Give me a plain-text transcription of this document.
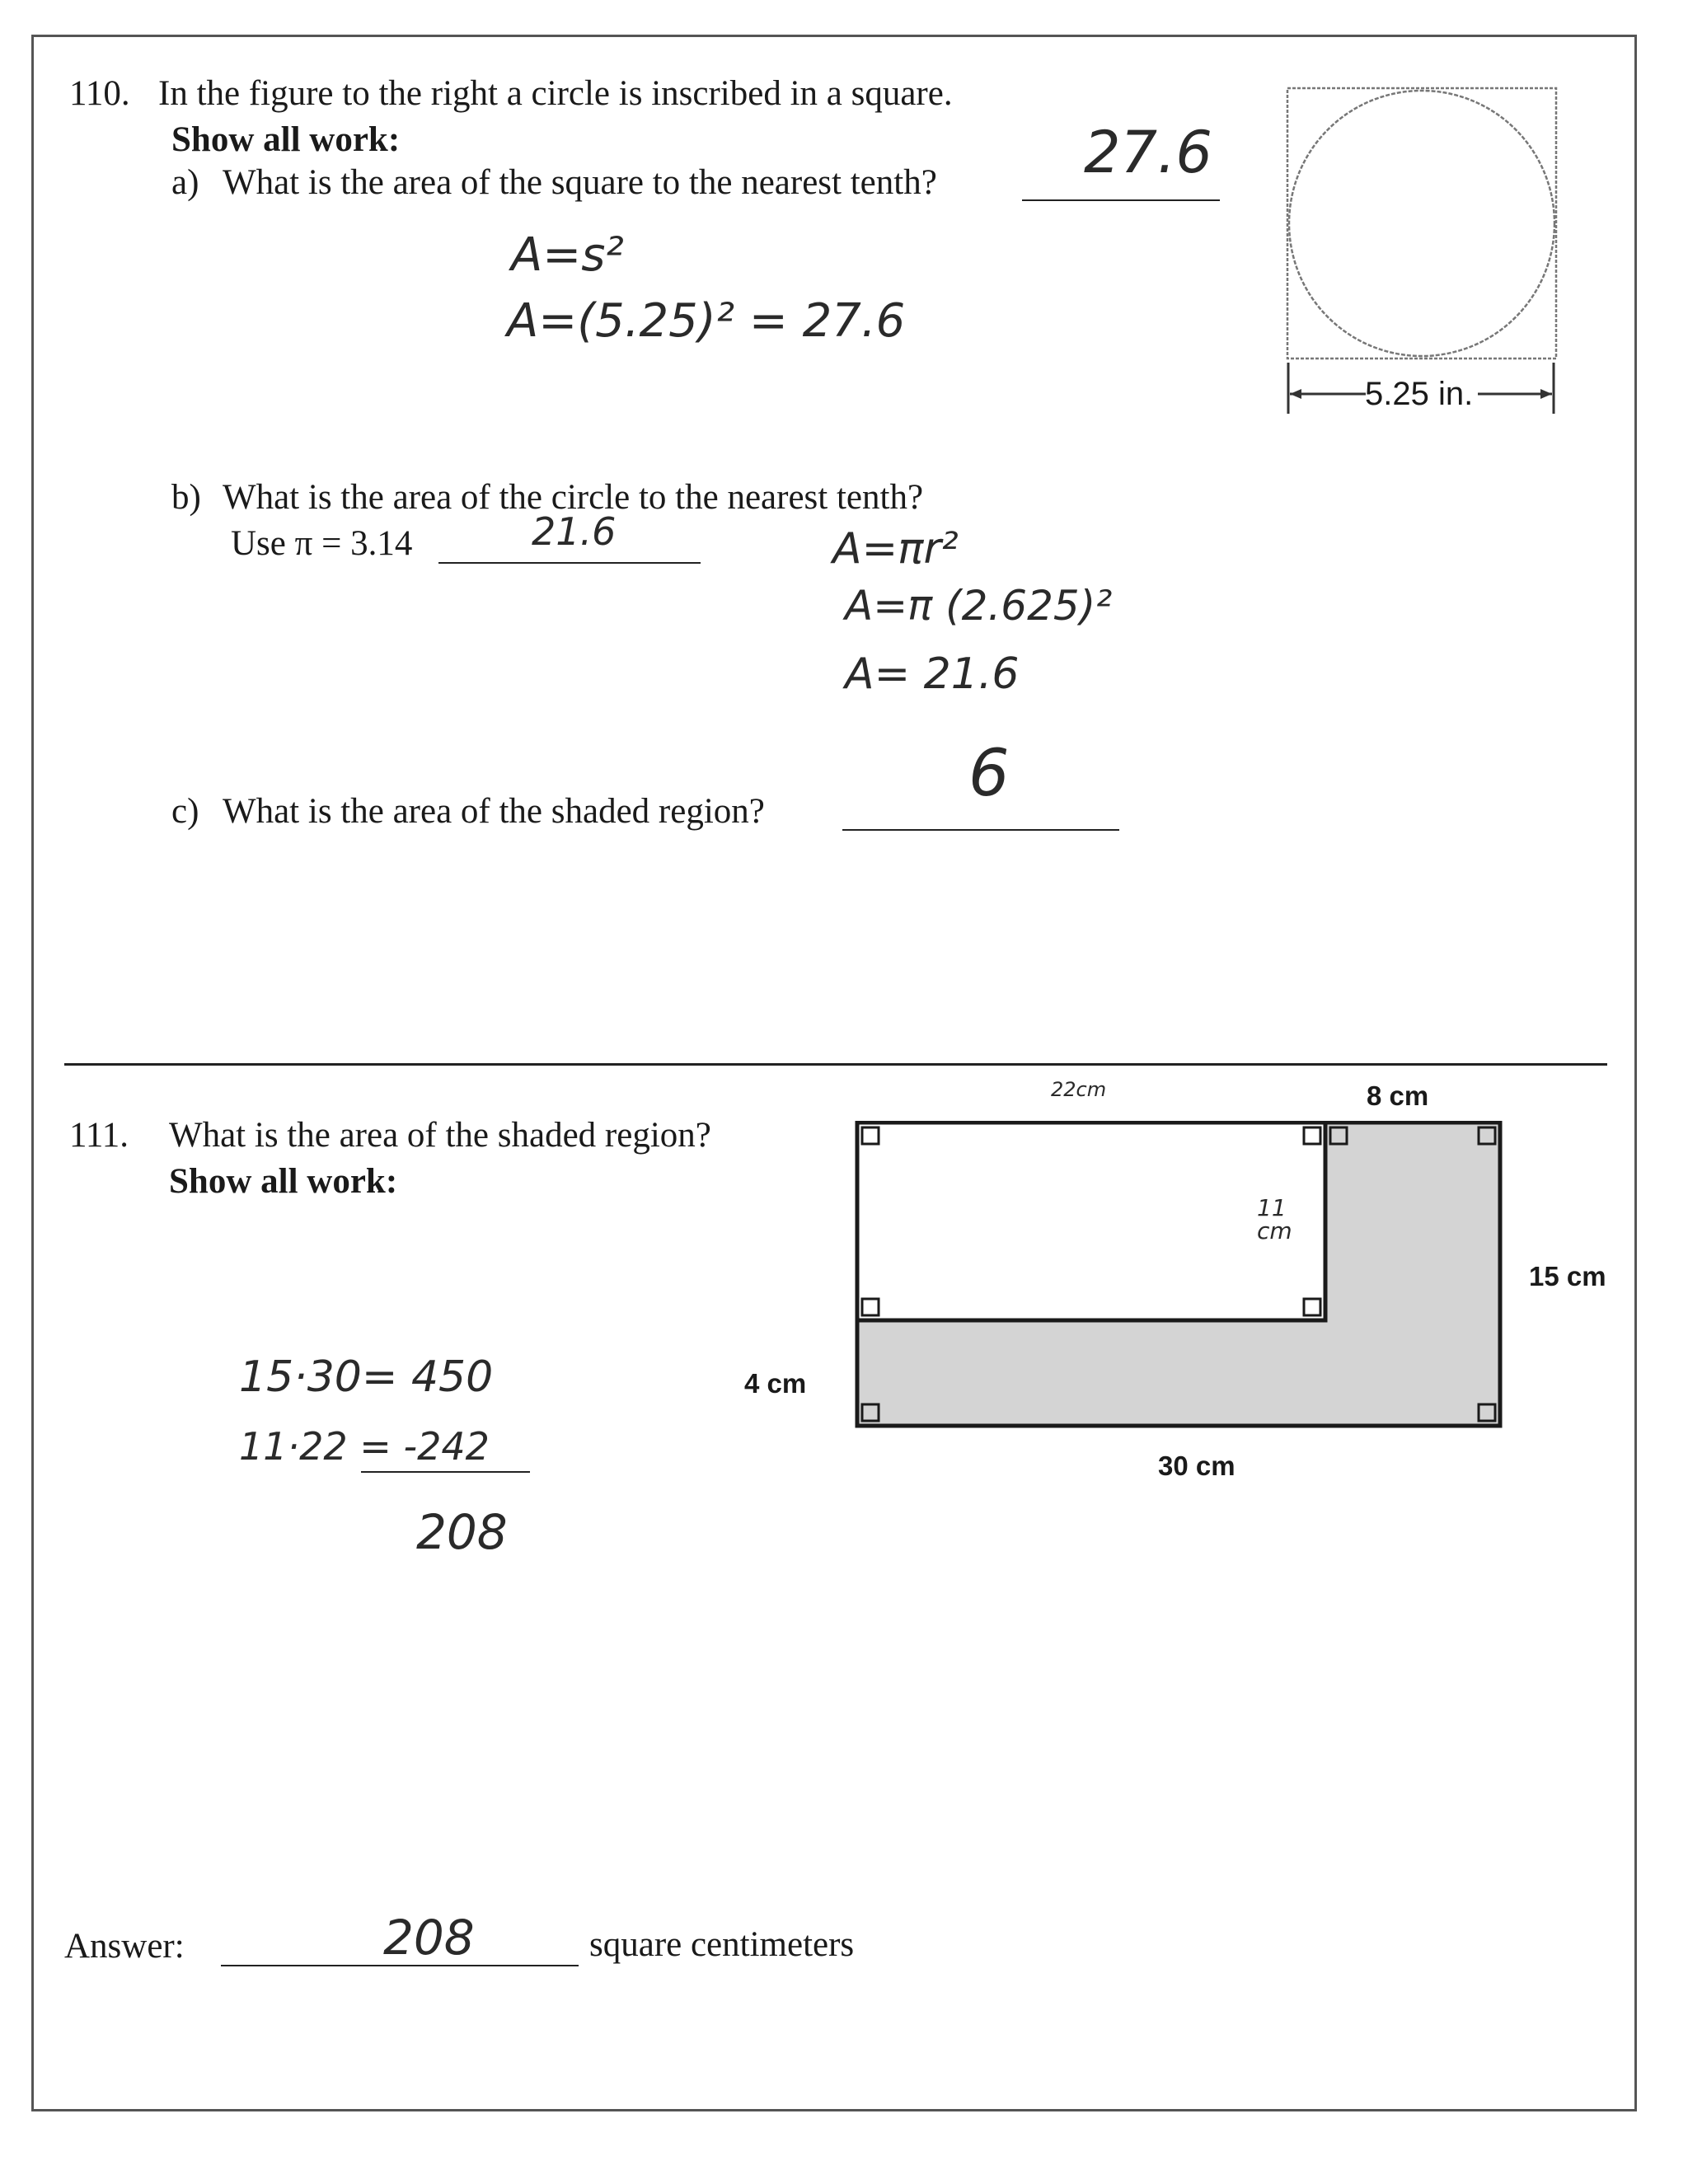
110. In the figure to the right a circle is inscribed in a square.
Show all work:
a) What is the area of the square to the nearest tenth?	27.6
A=s²
A=(5.25)² = 27.6
5.25 in.
b) What is the area of the circle to the nearest tenth?
Use π = 3.14	21.6	A=πr²
A=π (2.625)²
A= 21.6
c) What is the area of the shaded region?
6
111. What is the area of the shaded region?
Show all work:
15·30= 450
11·22 = -242
208
8 cm
15 cm
30 cm
4 cm
22cm
11 cm
Answer:	208	square centimeters
